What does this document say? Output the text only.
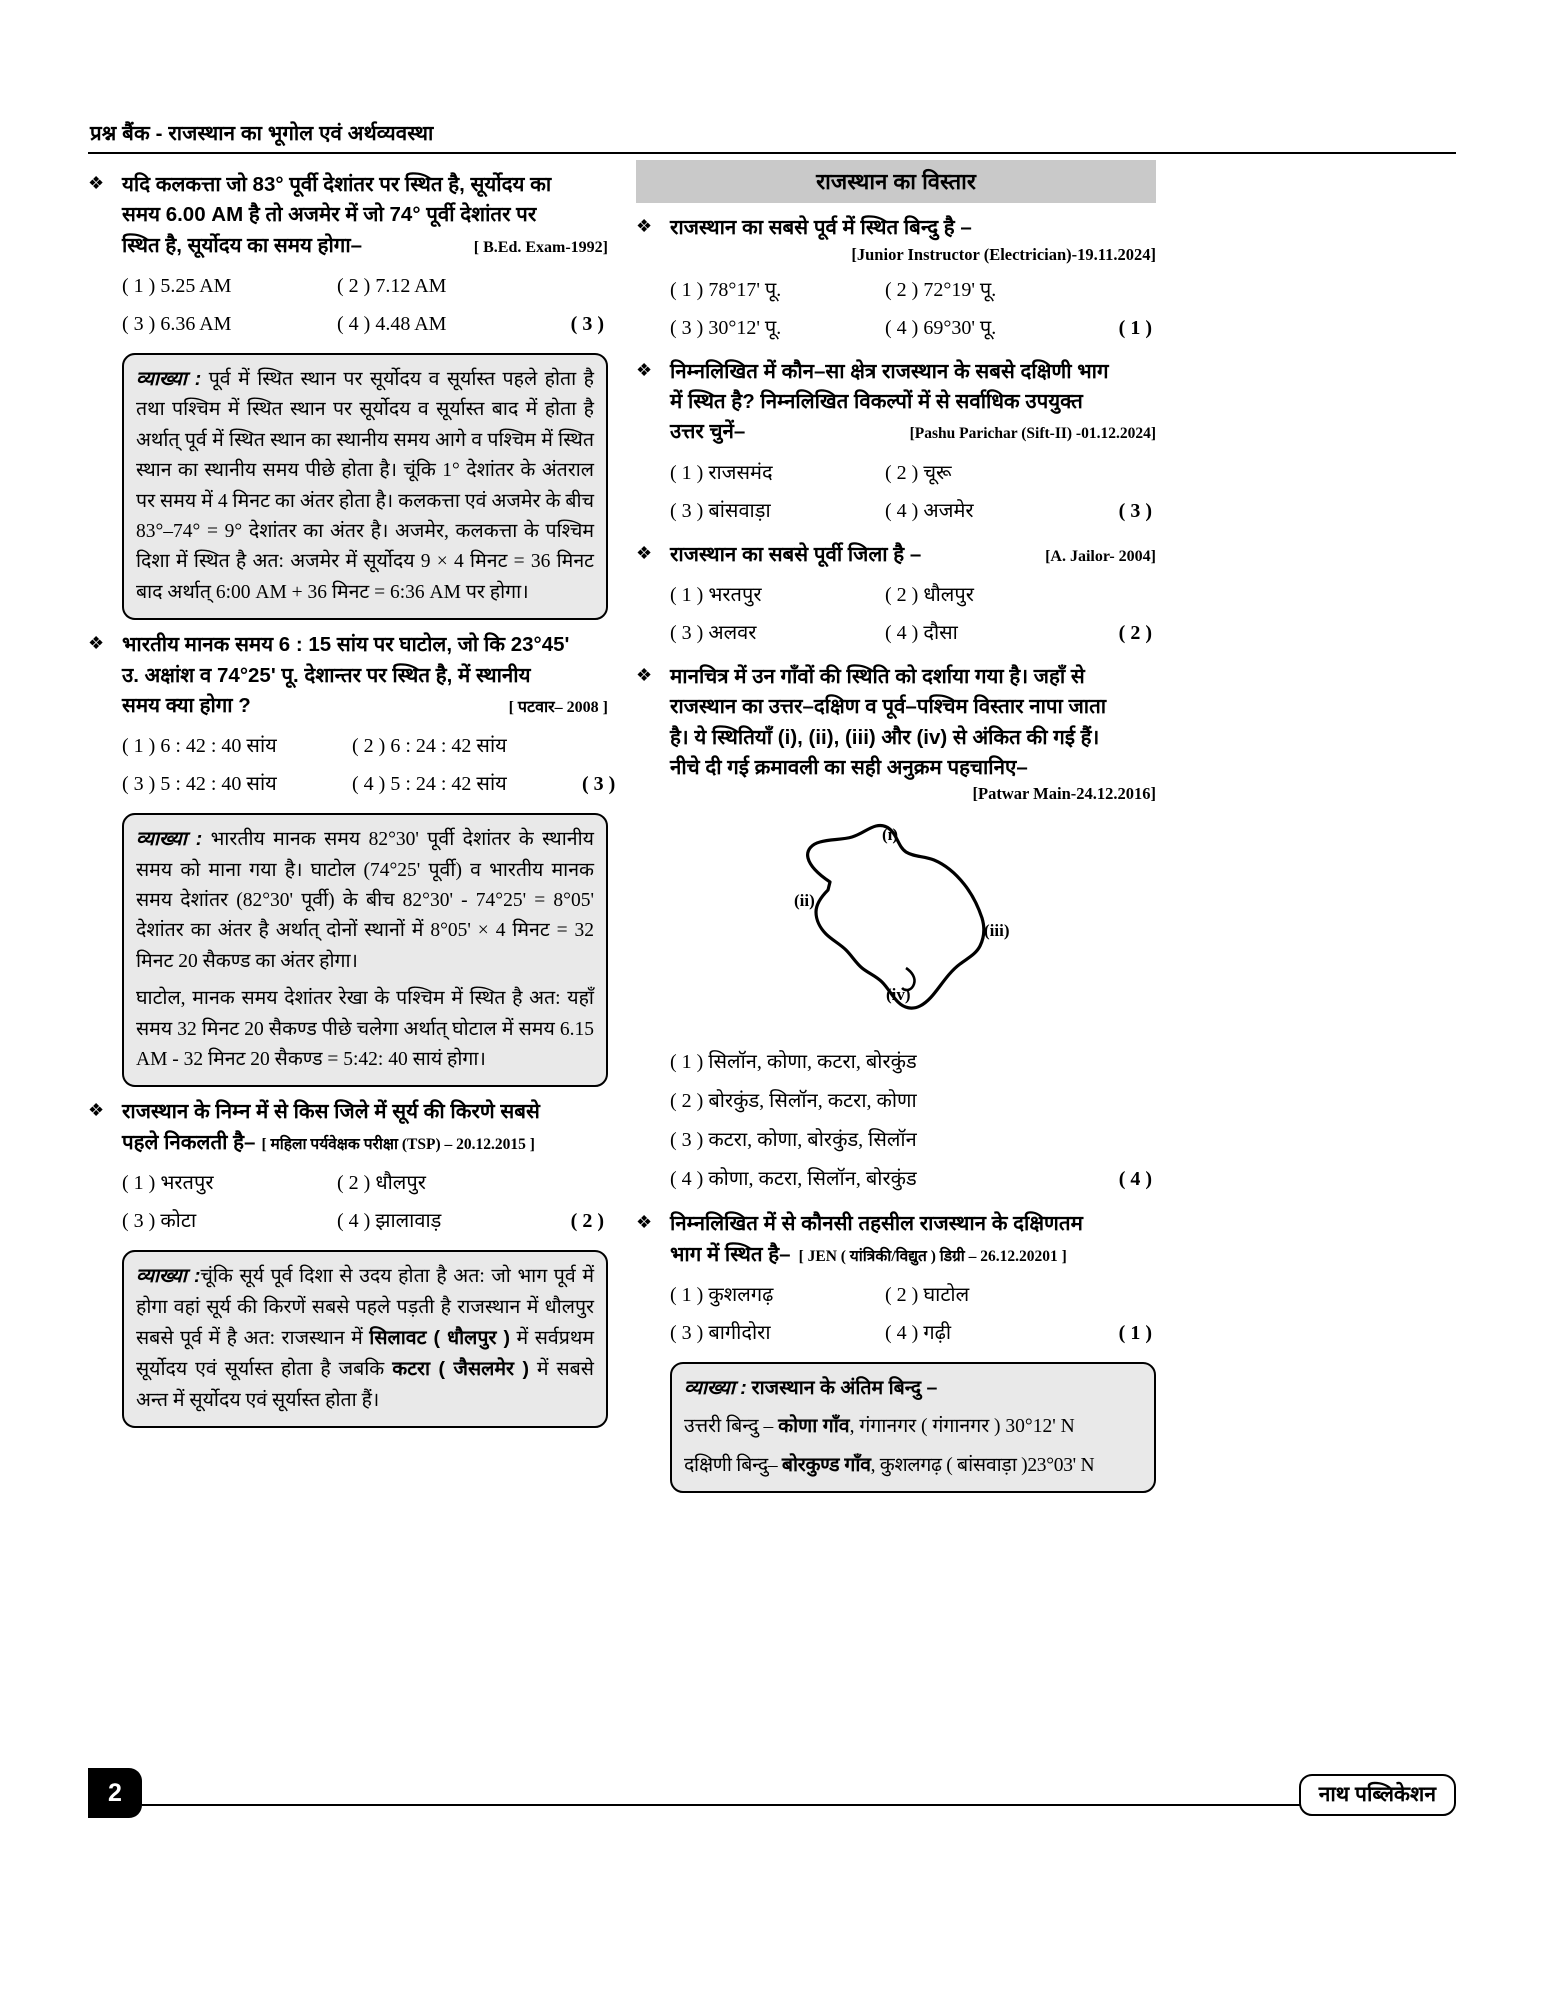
प्रश्न बैंक - राजस्थान का भूगोल एवं अर्थव्यवस्था
❖ यदि कलकत्ता जो 83° पूर्वी देशांतर पर स्थित है, सूर्योदय का
समय 6.00 AM है तो अजमेर में जो 74° पूर्वी देशांतर पर
स्थित है, सूर्योदय का समय होगा–	[ B.Ed. Exam-1992]
( 1 ) 5.25 AM	( 2 ) 7.12 AM
( 3 ) 6.36 AM	( 4 ) 4.48 AM	( 3 )

व्याख्या : पूर्व में स्थित स्थान पर सूर्योदय व सूर्यास्त पहले होता है तथा पश्चिम में स्थित स्थान पर सूर्योदय व सूर्यास्त बाद में होता है अर्थात् पूर्व में स्थित स्थान का स्थानीय समय आगे व पश्चिम में स्थित स्थान का स्थानीय समय पीछे होता है। चूंकि 1° देशांतर के अंतराल पर समय में 4 मिनट का अंतर होता है। कलकत्ता एवं अजमेर के बीच 83°–74° = 9° देशांतर का अंतर है। अजमेर, कलकत्ता के पश्चिम दिशा में स्थित है अत: अजमेर में सूर्योदय 9 × 4 मिनट = 36 मिनट बाद अर्थात् 6:00 AM + 36 मिनट = 6:36 AM पर होगा।

❖ भारतीय मानक समय 6 : 15 सांय पर घाटोल, जो कि 23°45'
उ. अक्षांश व 74°25' पू. देशान्तर पर स्थित है, में स्थानीय
समय क्या होगा ?	[ पटवार– 2008 ]
( 1 ) 6 : 42 : 40 सांय	( 2 ) 6 : 24 : 42 सांय
( 3 ) 5 : 42 : 40 सांय	( 4 ) 5 : 24 : 42 सांय	( 3 )

व्याख्या : भारतीय मानक समय 82°30' पूर्वी देशांतर के स्थानीय समय को माना गया है। घाटोल (74°25' पूर्वी) व भारतीय मानक समय देशांतर (82°30' पूर्वी) के बीच 82°30' - 74°25' = 8°05' देशांतर का अंतर है अर्थात् दोनों स्थानों में 8°05' × 4 मिनट = 32 मिनट 20 सैकण्ड का अंतर होगा।

घाटोल, मानक समय देशांतर रेखा के पश्चिम में स्थित है अत: यहाँ समय 32 मिनट 20 सैकण्ड पीछे चलेगा अर्थात् घोटाल में समय 6.15 AM - 32 मिनट 20 सैकण्ड = 5:42: 40 सायं होगा।

❖ राजस्थान के निम्न में से किस जिले में सूर्य की किरणे सबसे
पहले निकलती है– [ महिला पर्यवेक्षक परीक्षा (TSP) – 20.12.2015 ]
( 1 ) भरतपुर	( 2 ) धौलपुर
( 3 ) कोटा	( 4 ) झालावाड़	( 2 )

व्याख्या :चूंकि सूर्य पूर्व दिशा से उदय होता है अत: जो भाग पूर्व में होगा वहां सूर्य की किरणें सबसे पहले पड़ती है राजस्थान में धौलपुर सबसे पूर्व में है अत: राजस्थान में सिलावट ( धौलपुर ) में सर्वप्रथम सूर्योदय एवं सूर्यास्त होता है जबकि कटरा ( जैसलमेर ) में सबसे अन्त में सूर्योदय एवं सूर्यास्त होता हैं।

राजस्थान का विस्तार
❖ राजस्थान का सबसे पूर्व में स्थित बिन्दु है –
[Junior Instructor (Electrician)-19.11.2024]
( 1 ) 78°17' पू.	( 2 ) 72°19' पू.
( 3 ) 30°12' पू.	( 4 ) 69°30' पू.	( 1 )
❖ निम्नलिखित में कौन–सा क्षेत्र राजस्थान के सबसे दक्षिणी भाग
में स्थित है? निम्नलिखित विकल्पों में से सर्वाधिक उपयुक्त
उत्तर चुनें–	[Pashu Parichar (Sift-II) -01.12.2024]
( 1 ) राजसमंद	( 2 ) चूरू
( 3 ) बांसवाड़ा	( 4 ) अजमेर	( 3 )
❖ राजस्थान का सबसे पूर्वी जिला है –	[A. Jailor- 2004]
( 1 ) भरतपुर	( 2 ) धौलपुर
( 3 ) अलवर	( 4 ) दौसा	( 2 )
❖ मानचित्र में उन गाँवों की स्थिति को दर्शाया गया है। जहाँ से
राजस्थान का उत्तर–दक्षिण व पूर्व–पश्चिम विस्तार नापा जाता
है। ये स्थितियाँ (i), (ii), (iii) और (iv) से अंकित की गई हैं।
नीचे दी गई क्रमावली का सही अनुक्रम पहचानिए–
[Patwar Main-24.12.2016]
(i)
(ii)
(iii)
(iv)
( 1 ) सिलॉन, कोणा, कटरा, बोरकुंड
( 2 ) बोरकुंड, सिलॉन, कटरा, कोणा
( 3 ) कटरा, कोणा, बोरकुंड, सिलॉन
( 4 ) कोणा, कटरा, सिलॉन, बोरकुंड	( 4 )
❖ निम्नलिखित में से कौनसी तहसील राजस्थान के दक्षिणतम
भाग में स्थित है– [ JEN ( यांत्रिकी/विद्युत ) डिग्री – 26.12.20201 ]
( 1 ) कुशलगढ़	( 2 ) घाटोल
( 3 ) बागीदोरा	( 4 ) गढ़ी	( 1 )

व्याख्या : राजस्थान के अंतिम बिन्दु –

उत्तरी बिन्दु – कोणा गाँव, गंगानगर ( गंगानगर ) 30°12' N

दक्षिणी बिन्दु– बोरकुण्ड गाँव, कुशलगढ़ ( बांसवाड़ा )23°03' N

2	नाथ पब्लिकेशन
